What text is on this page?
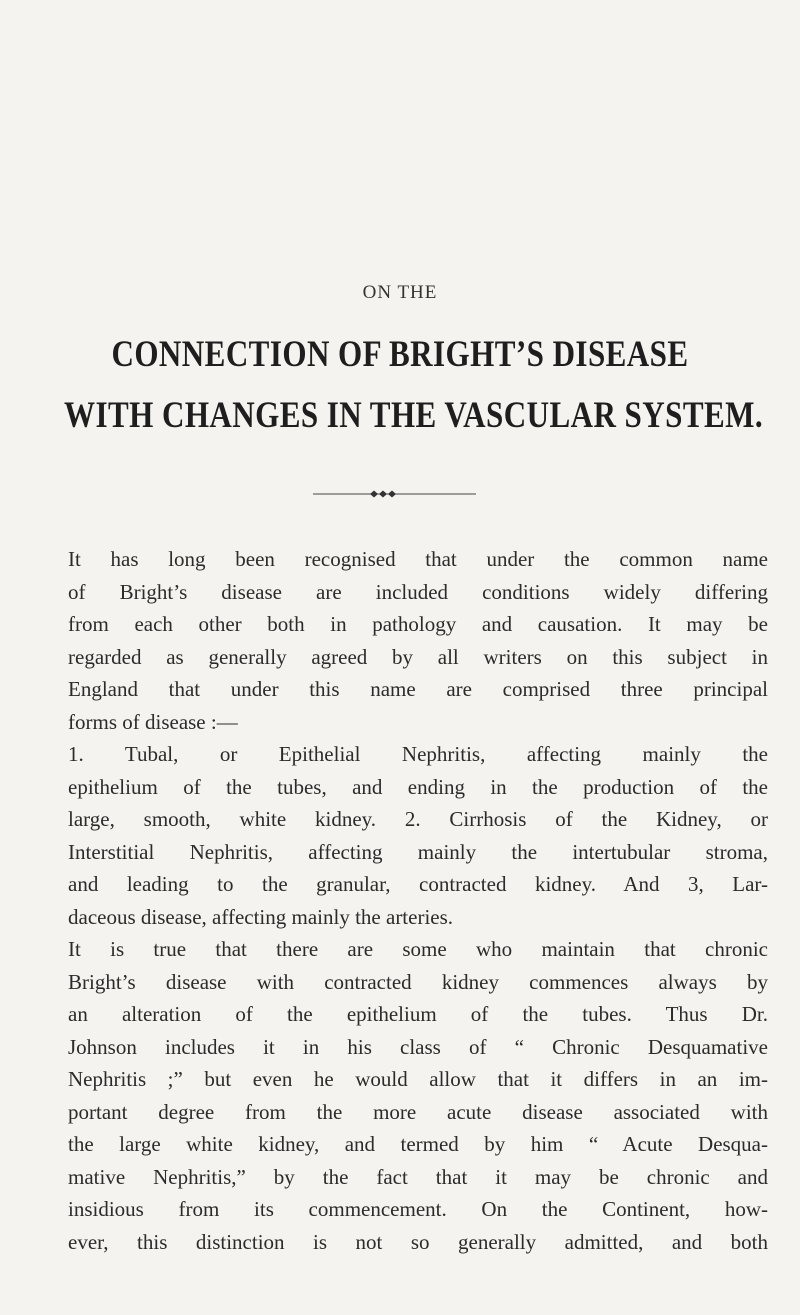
ON THE
CONNECTION OF BRIGHT’S DISEASE
WITH CHANGES IN THE VASCULAR SYSTEM.
It has long been recognised that under the common name
of Bright’s disease are included conditions widely differing
from each other both in pathology and causation. It may be
regarded as generally agreed by all writers on this subject in
England that under this name are comprised three principal
forms of disease :—
1. Tubal, or Epithelial Nephritis, affecting mainly the
epithelium of the tubes, and ending in the production of the
large, smooth, white kidney. 2. Cirrhosis of the Kidney, or
Interstitial Nephritis, affecting mainly the intertubular stroma,
and leading to the granular, contracted kidney. And 3, Lar-
daceous disease, affecting mainly the arteries.
It is true that there are some who maintain that chronic
Bright’s disease with contracted kidney commences always by
an alteration of the epithelium of the tubes. Thus Dr.
Johnson includes it in his class of “ Chronic Desquamative
Nephritis ;” but even he would allow that it differs in an im-
portant degree from the more acute disease associated with
the large white kidney, and termed by him “ Acute Desqua-
mative Nephritis,” by the fact that it may be chronic and
insidious from its commencement. On the Continent, how-
ever, this distinction is not so generally admitted, and both
